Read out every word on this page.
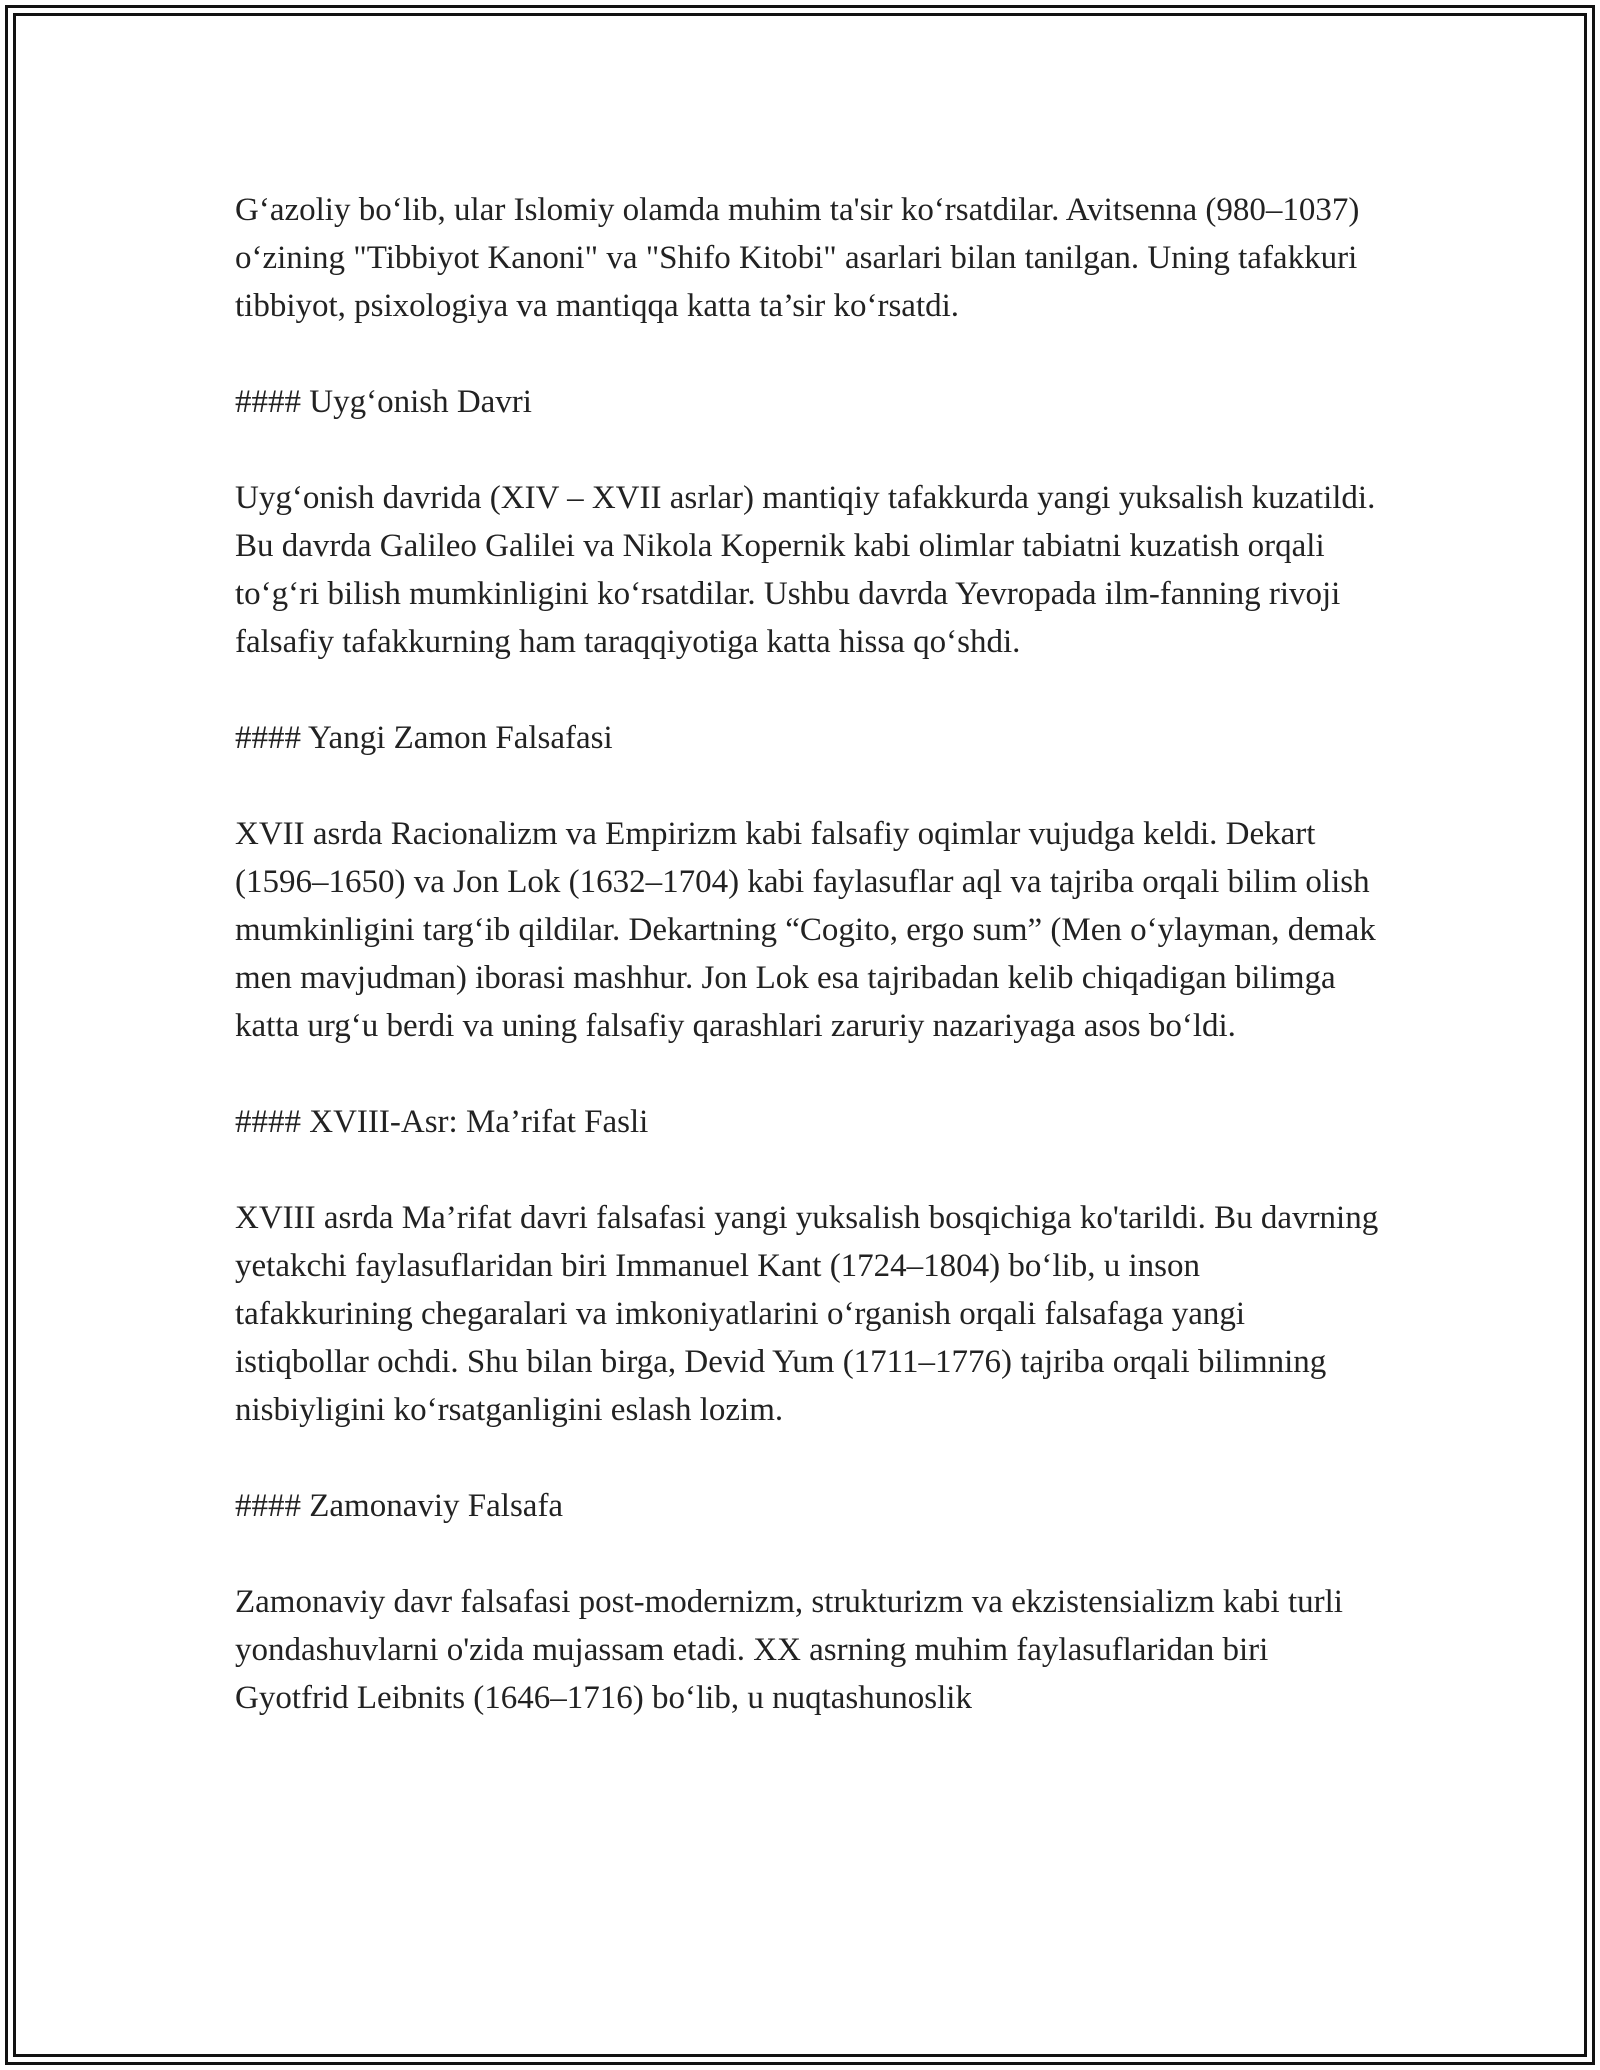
G‘azoliy bo‘lib, ular Islomiy olamda muhim ta'sir ko‘rsatdilar. Avitsenna (980–1037) o‘zining "Tibbiyot Kanoni" va "Shifo Kitobi" asarlari bilan tanilgan. Uning tafakkuri tibbiyot, psixologiya va mantiqqa katta ta’sir ko‘rsatdi.

#### Uyg‘onish Davri

Uyg‘onish davrida (XIV – XVII asrlar) mantiqiy tafakkurda yangi yuksalish kuzatildi. Bu davrda Galileo Galilei va Nikola Kopernik kabi olimlar tabiatni kuzatish orqali to‘g‘ri bilish mumkinligini ko‘rsatdilar. Ushbu davrda Yevropada ilm-fanning rivoji falsafiy tafakkurning ham taraqqiyotiga katta hissa qo‘shdi.

#### Yangi Zamon Falsafasi

XVII asrda Racionalizm va Empirizm kabi falsafiy oqimlar vujudga keldi. Dekart (1596–1650) va Jon Lok (1632–1704) kabi faylasuflar aql va tajriba orqali bilim olish mumkinligini targ‘ib qildilar. Dekartning “Cogito, ergo sum” (Men o‘ylayman, demak men mavjudman) iborasi mashhur. Jon Lok esa tajribadan kelib chiqadigan bilimga katta urg‘u berdi va uning falsafiy qarashlari zaruriy nazariyaga asos bo‘ldi.

#### XVIII-Asr: Ma’rifat Fasli

XVIII asrda Ma’rifat davri falsafasi yangi yuksalish bosqichiga ko'tarildi. Bu davrning yetakchi faylasuflaridan biri Immanuel Kant (1724–1804) bo‘lib, u inson tafakkurining chegaralari va imkoniyatlarini o‘rganish orqali falsafaga yangi istiqbollar ochdi. Shu bilan birga, Devid Yum (1711–1776) tajriba orqali bilimning nisbiyligini ko‘rsatganligini eslash lozim.

#### Zamonaviy Falsafa

Zamonaviy davr falsafasi post-modernizm, strukturizm va ekzistensializm kabi turli yondashuvlarni o'zida mujassam etadi. XX asrning muhim faylasuflaridan biri Gyotfrid Leibnits (1646–1716) bo‘lib, u nuqtashunoslik
